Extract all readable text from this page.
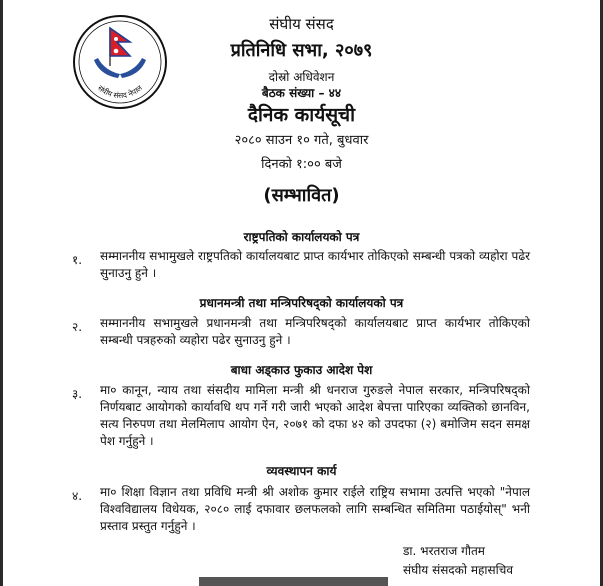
संघीय संसद नेपाल
संघीय संसद
प्रतिनिधि सभा, २०७९
दोस्रो अधिवेशन
बैठक संख्या – ४४
दैनिक कार्यसूची
२०८० साउन १० गते, बुधवार
दिनको १:०० बजे
(सम्भावित)
राष्ट्रपतिको कार्यालयको पत्र
१. सम्माननीय सभामुखले राष्ट्रपतिको कार्यालयबाट प्राप्त कार्यभार तोकिएको सम्बन्धी पत्रको व्यहोरा पढेर सुनाउनु हुने ।
प्रधानमन्त्री तथा मन्त्रिपरिषद्को कार्यालयको पत्र
२. सम्माननीय सभामुखले प्रधानमन्त्री तथा मन्त्रिपरिषद्को कार्यालयबाट प्राप्त कार्यभार तोकिएको सम्बन्धी पत्रहरुको व्यहोरा पढेर सुनाउनु हुने ।
बाधा अड्काउ फुकाउ आदेश पेश
३. मा० कानून, न्याय तथा संसदीय मामिला मन्त्री श्री धनराज गुरुङले नेपाल सरकार, मन्त्रिपरिषद्को निर्णयबाट आयोगको कार्यावधि थप गर्ने गरी जारी भएको आदेश बेपत्ता पारिएका व्यक्तिको छानविन, सत्य निरुपण तथा मेलमिलाप आयोग ऐन, २०७१ को दफा ४२ को उपदफा (२) बमोजिम सदन समक्ष पेश गर्नुहुने ।
व्यवस्थापन कार्य
४. मा० शिक्षा विज्ञान तथा प्रविधि मन्त्री श्री अशोक कुमार राईले राष्ट्रिय सभामा उत्पत्ति भएको "नेपाल विश्वविद्यालय विधेयक, २०८० लाई दफावार छलफलको लागि सम्बन्धित समितिमा पठाईयोस्" भनी प्रस्ताव प्रस्तुत गर्नुहुने ।
डा. भरतराज गौतम
संघीय संसदको महासचिव
